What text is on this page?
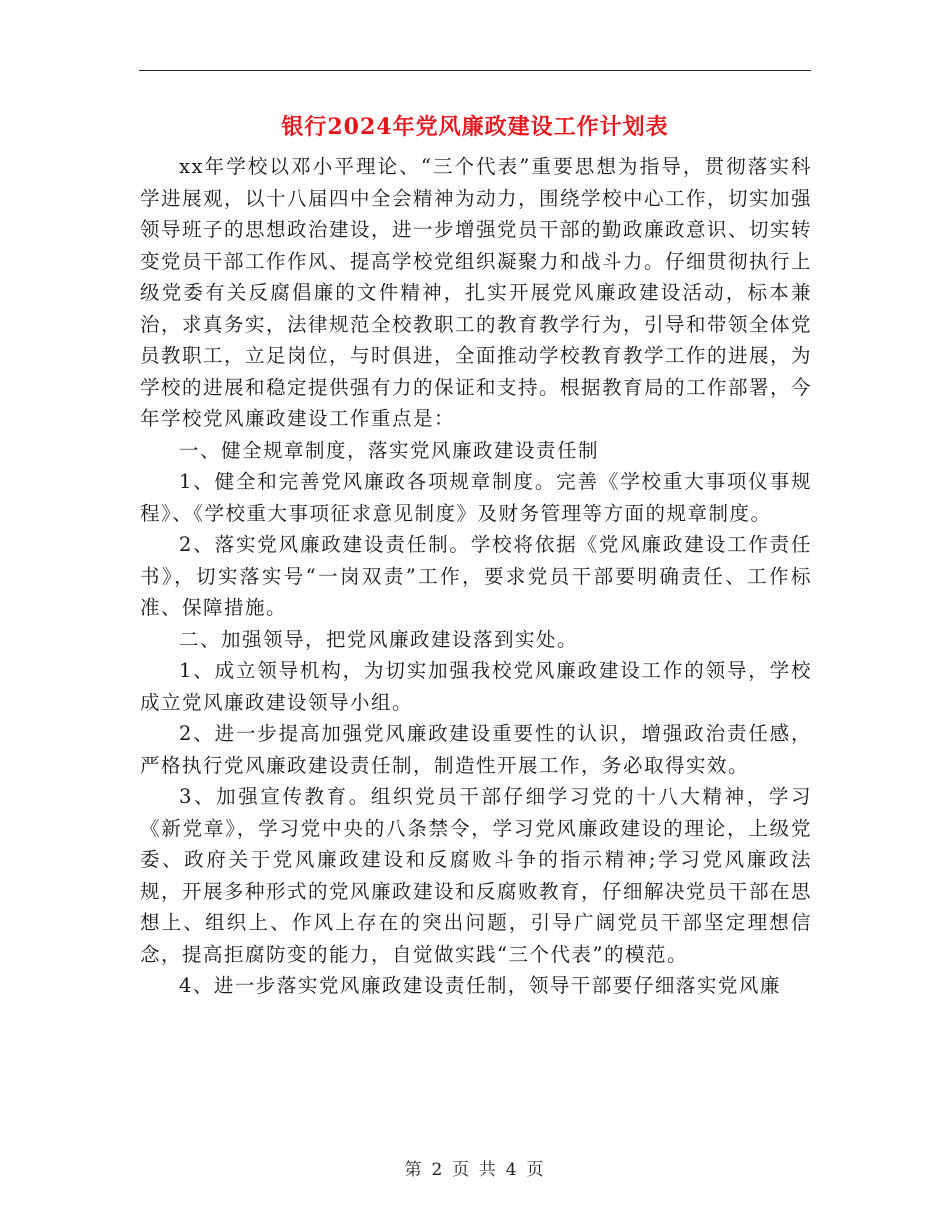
银行2024年党风廉政建设工作计划表

xx年学校以邓小平理论、“三个代表”重要思想为指导，贯彻落实科学进展观，以十八届四中全会精神为动力，围绕学校中心工作，切实加强领导班子的思想政治建设，进一步增强党员干部的勤政廉政意识、切实转变党员干部工作作风、提高学校党组织凝聚力和战斗力。仔细贯彻执行上级党委有关反腐倡廉的文件精神，扎实开展党风廉政建设活动，标本兼治，求真务实，法律规范全校教职工的教育教学行为，引导和带领全体党员教职工，立足岗位，与时俱进，全面推动学校教育教学工作的进展，为学校的进展和稳定提供强有力的保证和支持。根据教育局的工作部署，今年学校党风廉政建设工作重点是：

一、健全规章制度，落实党风廉政建设责任制

1、健全和完善党风廉政各项规章制度。完善《学校重大事项仪事规程》、《学校重大事项征求意见制度》及财务管理等方面的规章制度。

2、落实党风廉政建设责任制。学校将依据《党风廉政建设工作责任书》，切实落实号“一岗双责”工作，要求党员干部要明确责任、工作标准、保障措施。

二、加强领导，把党风廉政建设落到实处。

1、成立领导机构，为切实加强我校党风廉政建设工作的领导，学校成立党风廉政建设领导小组。

2、进一步提高加强党风廉政建设重要性的认识，增强政治责任感，严格执行党风廉政建设责任制，制造性开展工作，务必取得实效。

3、加强宣传教育。组织党员干部仔细学习党的十八大精神，学习《新党章》，学习党中央的八条禁令，学习党风廉政建设的理论，上级党委、政府关于党风廉政建设和反腐败斗争的指示精神;学习党风廉政法规，开展多种形式的党风廉政建设和反腐败教育，仔细解决党员干部在思想上、组织上、作风上存在的突出问题，引导广阔党员干部坚定理想信念，提高拒腐防变的能力，自觉做实践“三个代表”的模范。

4、进一步落实党风廉政建设责任制，领导干部要仔细落实党风廉

第 2 页 共 4 页
